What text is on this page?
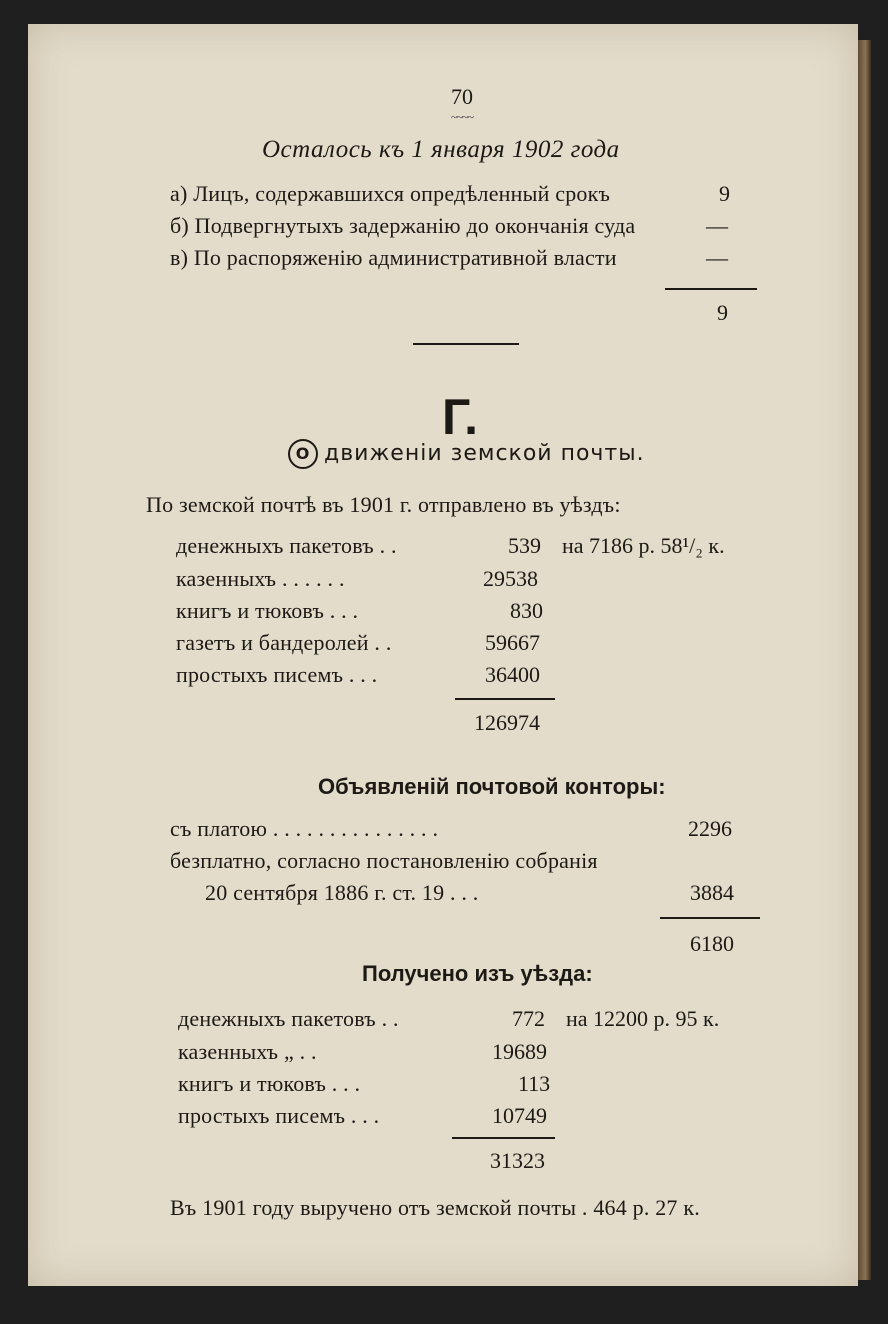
70
~~~~
Осталось къ 1 января 1902 года
а) Лицъ, содержавшихся опредѣленный срокъ	9
б) Подвергнутыхъ задержанію до окончанія суда	—
в) По распоряженію административной власти	—
9
Г.
О движеніи земской почты.
По земской почтѣ въ 1901 г. отправлено въ уѣздъ:
денежныхъ пакетовъ . .	539 на 7186 р. 58¹/₂ к.
казенныхъ . . . . . .	29538
книгъ и тюковъ . . .	830
газетъ и бандеролей . .	59667
простыхъ писемъ . . .	36400
126974
Объявленій почтовой конторы:
съ платою . . . . . . . . . . . . . . .	2296
безплатно, согласно постановленію собранія
20 сентября 1886 г. ст. 19 . . .	3884
6180
Получено изъ уѣзда:
денежныхъ пакетовъ . .	772 на 12200 р. 95 к.
казенныхъ „ . .	19689
книгъ и тюковъ . . .	113
простыхъ писемъ . . .	10749
31323
Въ 1901 году выручено отъ земской почты . 464 р. 27 к.
